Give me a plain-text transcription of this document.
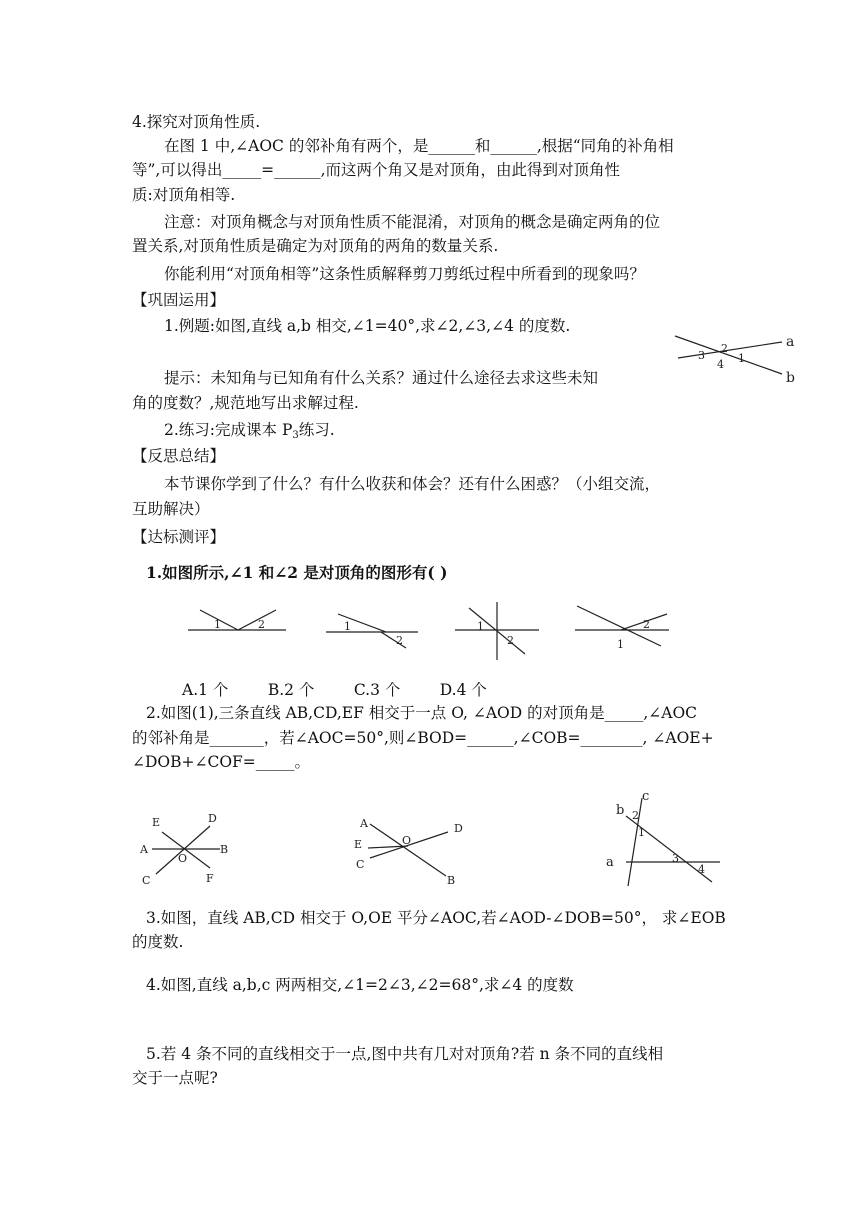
4.探究对顶角性质.
在图 1 中,∠AOC 的邻补角有两个，是______和______,根据“同角的补角相
等”,可以得出_____=______,而这两个角又是对顶角，由此得到对顶角性
质:对顶角相等.
注意：对顶角概念与对顶角性质不能混淆，对顶角的概念是确定两角的位
置关系,对顶角性质是确定为对顶角的两角的数量关系.
你能利用“对顶角相等”这条性质解释剪刀剪纸过程中所看到的现象吗？
【巩固运用】
1.例题:如图,直线 a,b 相交,∠1=40°,求∠2,∠3,∠4 的度数.
提示：未知角与已知角有什么关系？通过什么途径去求这些未知
角的度数？,规范地写出求解过程.
2.练习:完成课本 $P_3$练习.
【反思总结】
本节课你学到了什么？有什么收获和体会？还有什么困惑？（小组交流，
互助解决）
【达标测评】
1.如图所示,∠1 和∠2 是对顶角的图形有( )
A.1 个        B.2 个        C.3 个        D.4 个
2.如图(1),三条直线 AB,CD,EF 相交于一点 O, ∠AOD 的对顶角是_____,∠AOC
的邻补角是_______，若∠AOC=50°,则∠BOD=______,∠COB=________, ∠AOE+
∠DOB+∠COF=_____。
3.如图，直线 AB,CD 相交于 O,OE 平分∠AOC,若∠AOD-∠DOB=50°， 求∠EOB
的度数.
4.如图,直线 a,b,c 两两相交,∠1=2∠3,∠2=68°,求∠4 的度数
5.若 4 条不同的直线相交于一点,图中共有几对对顶角?若 n 条不同的直线相
交于一点呢?
a
b
2
1
3
4
1	2	1
2
1
2
2
1
E	D
A
O
B
C	F
A
E
C
O
D
B
b
c
a
2
1
3
4
